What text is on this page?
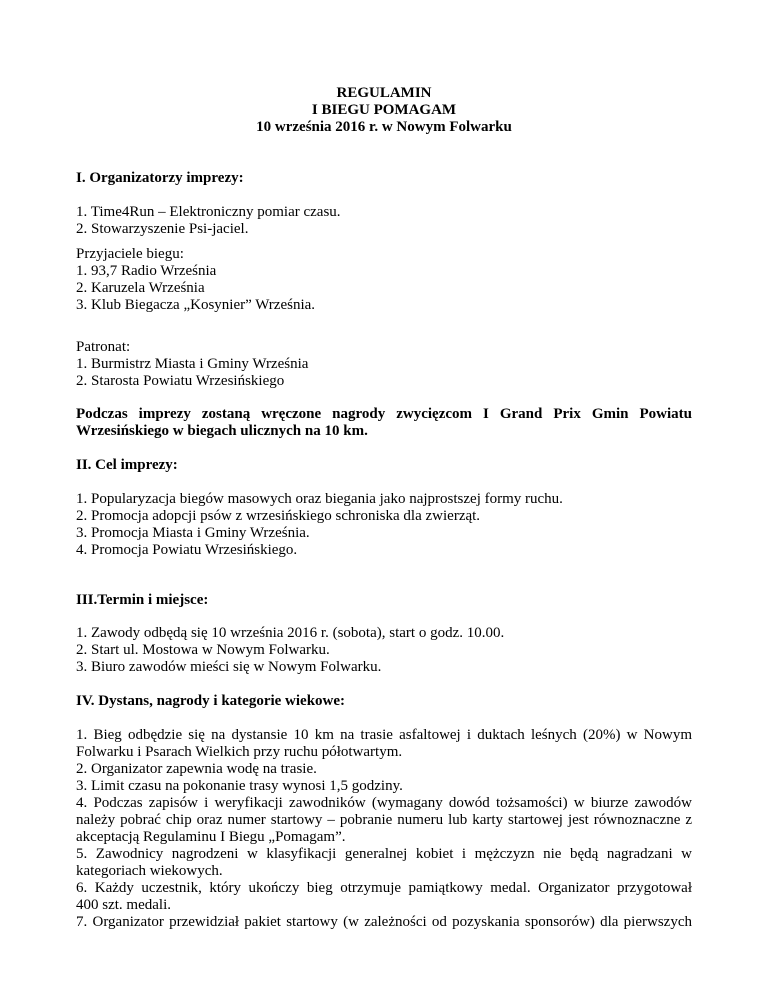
REGULAMIN
I BIEGU POMAGAM
10 września 2016 r. w Nowym Folwarku
I. Organizatorzy imprezy:
1. Time4Run – Elektroniczny pomiar czasu.
2. Stowarzyszenie Psi-jaciel.
Przyjaciele biegu:
1. 93,7 Radio Września
2. Karuzela Września
3. Klub Biegacza „Kosynier” Września.
Patronat:
1. Burmistrz Miasta i Gminy Września
2. Starosta Powiatu Wrzesińskiego
Podczas imprezy zostaną wręczone nagrody zwycięzcom I Grand Prix Gmin Powiatu
Wrzesińskiego w biegach ulicznych na 10 km.
II. Cel imprezy:
1. Popularyzacja biegów masowych oraz biegania jako najprostszej formy ruchu.
2. Promocja adopcji psów z wrzesińskiego schroniska dla zwierząt.
3. Promocja Miasta i Gminy Września.
4. Promocja Powiatu Wrzesińskiego.
III.Termin i miejsce:
1. Zawody odbędą się 10 września 2016 r. (sobota), start o godz. 10.00.
2. Start ul. Mostowa w Nowym Folwarku.
3. Biuro zawodów mieści się w Nowym Folwarku.
IV. Dystans, nagrody i kategorie wiekowe:
1. Bieg odbędzie się na dystansie 10 km na trasie asfaltowej i duktach leśnych (20%) w Nowym
Folwarku i Psarach Wielkich przy ruchu półotwartym.
2. Organizator zapewnia wodę na trasie.
3. Limit czasu na pokonanie trasy wynosi 1,5 godziny.
4. Podczas zapisów i weryfikacji zawodników (wymagany dowód tożsamości) w biurze zawodów
należy pobrać chip oraz numer startowy – pobranie numeru lub karty startowej jest równoznaczne z
akceptacją Regulaminu I Biegu „Pomagam”.
5. Zawodnicy nagrodzeni w klasyfikacji generalnej kobiet i mężczyzn nie będą nagradzani w
kategoriach wiekowych.
6. Każdy uczestnik, który ukończy bieg otrzymuje pamiątkowy medal. Organizator przygotował
400 szt. medali.
7. Organizator przewidział pakiet startowy (w zależności od pozyskania sponsorów) dla pierwszych
